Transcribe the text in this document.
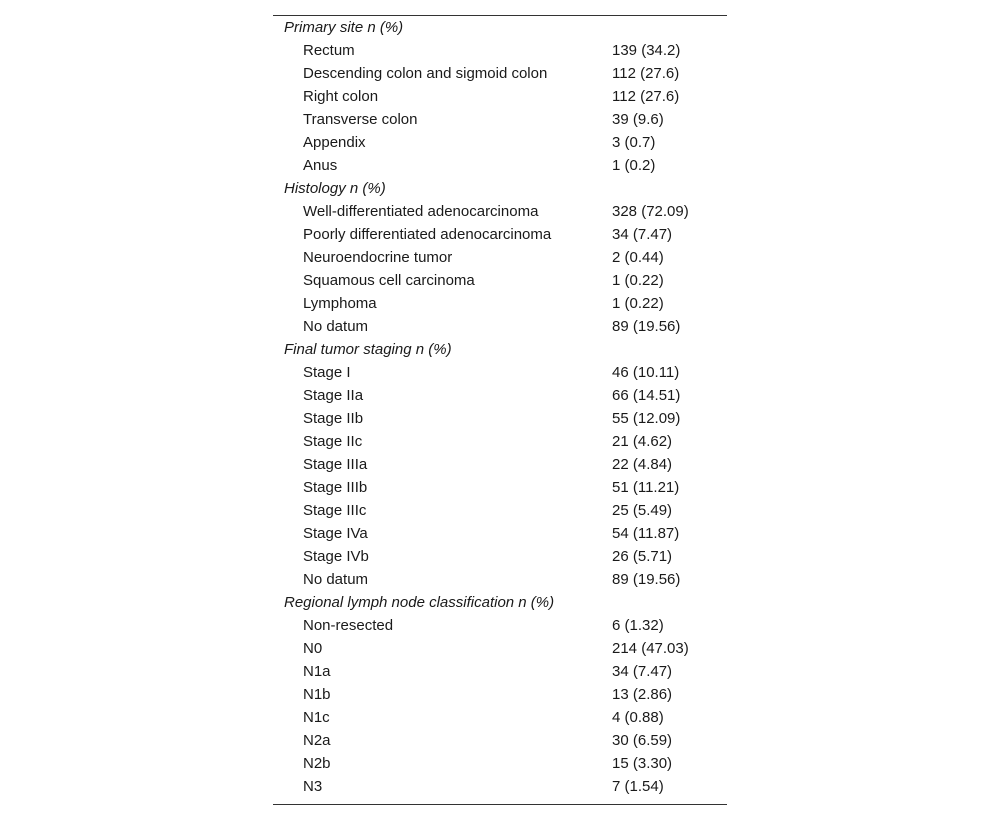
Primary site n (%)	
Rectum	139 (34.2)
Descending colon and sigmoid colon	112 (27.6)
Right colon	112 (27.6)
Transverse colon	39 (9.6)
Appendix	3 (0.7)
Anus	1 (0.2)
Histology n (%)	
Well-differentiated adenocarcinoma	328 (72.09)
Poorly differentiated adenocarcinoma	34 (7.47)
Neuroendocrine tumor	2 (0.44)
Squamous cell carcinoma	1 (0.22)
Lymphoma	1 (0.22)
No datum	89 (19.56)
Final tumor staging n (%)	
Stage I	46 (10.11)
Stage IIa	66 (14.51)
Stage IIb	55 (12.09)
Stage IIc	21 (4.62)
Stage IIIa	22 (4.84)
Stage IIIb	51 (11.21)
Stage IIIc	25 (5.49)
Stage IVa	54 (11.87)
Stage IVb	26 (5.71)
No datum	89 (19.56)
Regional lymph node classification n (%)	
Non-resected	6 (1.32)
N0	214 (47.03)
N1a	34 (7.47)
N1b	13 (2.86)
N1c	4 (0.88)
N2a	30 (6.59)
N2b	15 (3.30)
N3	7 (1.54)
